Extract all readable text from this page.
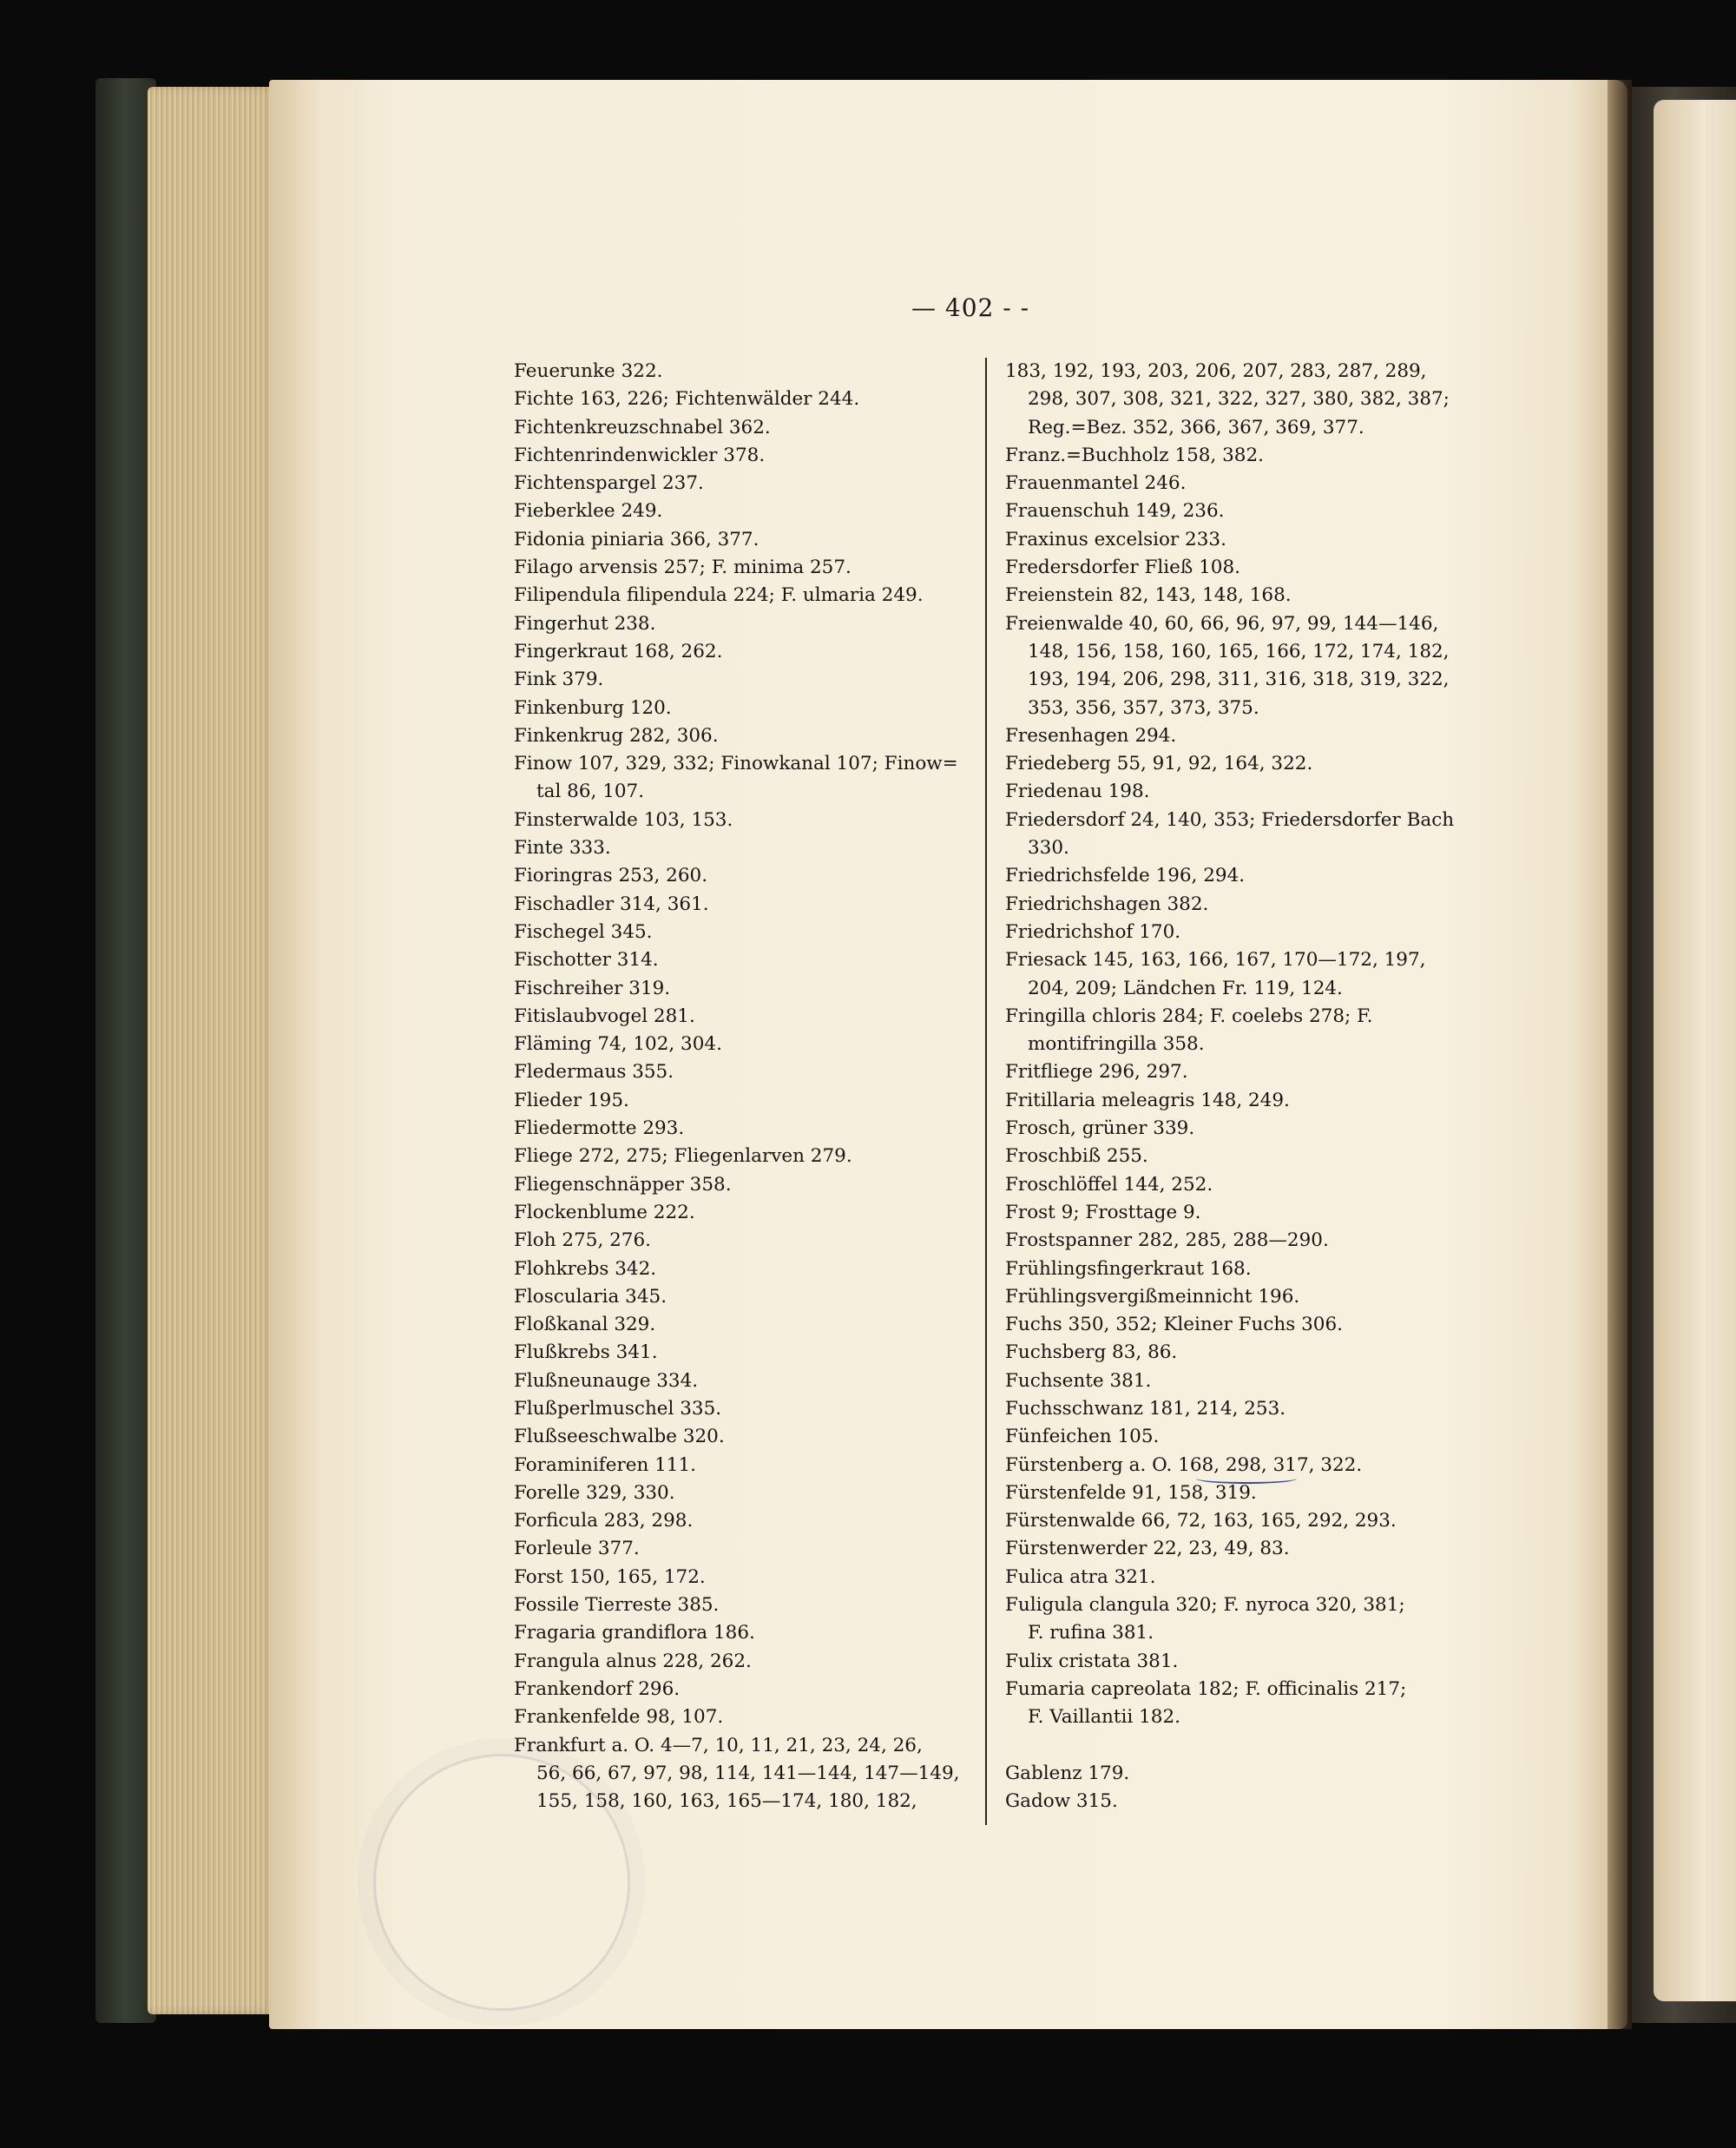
— 402 - -
Feuerunke 322.
Fichte 163, 226; Fichtenwälder 244.
Fichtenkreuzschnabel 362.
Fichtenrindenwickler 378.
Fichtenspargel 237.
Fieberklee 249.
Fidonia piniaria 366, 377.
Filago arvensis 257; F. minima 257.
Filipendula filipendula 224; F. ulmaria 249.
Fingerhut 238.
Fingerkraut 168, 262.
Fink 379.
Finkenburg 120.
Finkenkrug 282, 306.
Finow 107, 329, 332; Finowkanal 107; Finow=
tal 86, 107.
Finsterwalde 103, 153.
Finte 333.
Fioringras 253, 260.
Fischadler 314, 361.
Fischegel 345.
Fischotter 314.
Fischreiher 319.
Fitislaubvogel 281.
Fläming 74, 102, 304.
Fledermaus 355.
Flieder 195.
Fliedermotte 293.
Fliege 272, 275; Fliegenlarven 279.
Fliegenschnäpper 358.
Flockenblume 222.
Floh 275, 276.
Flohkrebs 342.
Floscularia 345.
Floßkanal 329.
Flußkrebs 341.
Flußneunauge 334.
Flußperlmuschel 335.
Flußseeschwalbe 320.
Foraminiferen 111.
Forelle 329, 330.
Forficula 283, 298.
Forleule 377.
Forst 150, 165, 172.
Fossile Tierreste 385.
Fragaria grandiflora 186.
Frangula alnus 228, 262.
Frankendorf 296.
Frankenfelde 98, 107.
Frankfurt a. O. 4—7, 10, 11, 21, 23, 24, 26,
56, 66, 67, 97, 98, 114, 141—144, 147—149,
155, 158, 160, 163, 165—174, 180, 182,
183, 192, 193, 203, 206, 207, 283, 287, 289,
298, 307, 308, 321, 322, 327, 380, 382, 387;
Reg.=Bez. 352, 366, 367, 369, 377.
Franz.=Buchholz 158, 382.
Frauenmantel 246.
Frauenschuh 149, 236.
Fraxinus excelsior 233.
Fredersdorfer Fließ 108.
Freienstein 82, 143, 148, 168.
Freienwalde 40, 60, 66, 96, 97, 99, 144—146,
148, 156, 158, 160, 165, 166, 172, 174, 182,
193, 194, 206, 298, 311, 316, 318, 319, 322,
353, 356, 357, 373, 375.
Fresenhagen 294.
Friedeberg 55, 91, 92, 164, 322.
Friedenau 198.
Friedersdorf 24, 140, 353; Friedersdorfer Bach
330.
Friedrichsfelde 196, 294.
Friedrichshagen 382.
Friedrichshof 170.
Friesack 145, 163, 166, 167, 170—172, 197,
204, 209; Ländchen Fr. 119, 124.
Fringilla chloris 284; F. coelebs 278; F.
montifringilla 358.
Fritfliege 296, 297.
Fritillaria meleagris 148, 249.
Frosch, grüner 339.
Froschbiß 255.
Froschlöffel 144, 252.
Frost 9; Frosttage 9.
Frostspanner 282, 285, 288—290.
Frühlingsfingerkraut 168.
Frühlingsvergißmeinnicht 196.
Fuchs 350, 352; Kleiner Fuchs 306.
Fuchsberg 83, 86.
Fuchsente 381.
Fuchsschwanz 181, 214, 253.
Fünfeichen 105.
Fürstenberg a. O. 168, 298, 317, 322.
Fürstenfelde 91, 158, 319.
Fürstenwalde 66, 72, 163, 165, 292, 293.
Fürstenwerder 22, 23, 49, 83.
Fulica atra 321.
Fuligula clangula 320; F. nyroca 320, 381;
F. rufina 381.
Fulix cristata 381.
Fumaria capreolata 182; F. officinalis 217;
F. Vaillantii 182.
Gablenz 179.
Gadow 315.
